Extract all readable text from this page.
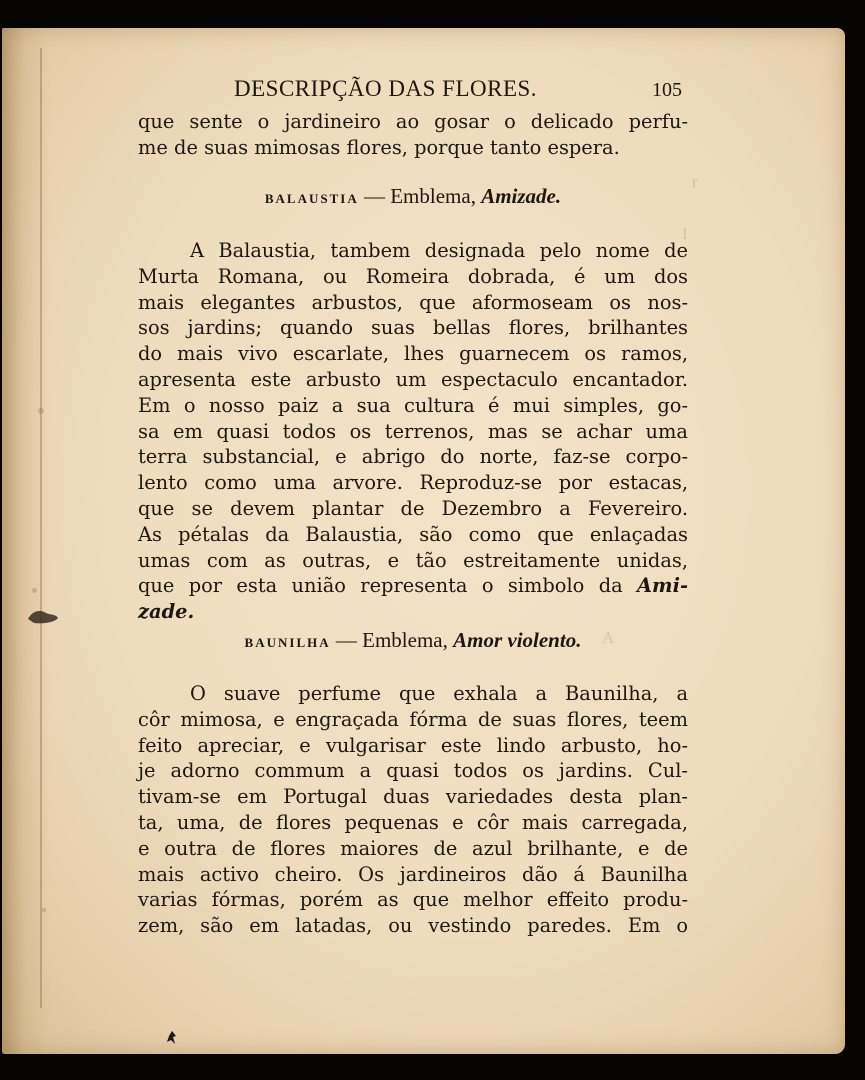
r
I
A
DESCRIPÇÃO DAS FLORES.	105
que sente o jardineiro ao gosar o delicado perfu-
me de suas mimosas flores, porque tanto espera.
BALAUSTIA — Emblema, Amizade.
A Balaustia, tambem designada pelo nome de
Murta Romana, ou Romeira dobrada, é um dos
mais elegantes arbustos, que aformoseam os nos-
sos jardins; quando suas bellas flores, brilhantes
do mais vivo escarlate, lhes guarnecem os ramos,
apresenta este arbusto um espectaculo encantador.
Em o nosso paiz a sua cultura é mui simples, go-
sa em quasi todos os terrenos, mas se achar uma
terra substancial, e abrigo do norte, faz-se corpo-
lento como uma arvore. Reproduz-se por estacas,
que se devem plantar de Dezembro a Fevereiro.
As pétalas da Balaustia, são como que enlaçadas
umas com as outras, e tão estreitamente unidas,
que por esta união representa o simbolo da Ami-
zade.
BAUNILHA — Emblema, Amor violento.
O suave perfume que exhala a Baunilha, a
côr mimosa, e engraçada fórma de suas flores, teem
feito apreciar, e vulgarisar este lindo arbusto, ho-
je adorno commum a quasi todos os jardins. Cul-
tivam-se em Portugal duas variedades desta plan-
ta, uma, de flores pequenas e côr mais carregada,
e outra de flores maiores de azul brilhante, e de
mais activo cheiro. Os jardineiros dão á Baunilha
varias fórmas, porém as que melhor effeito produ-
zem, são em latadas, ou vestindo paredes. Em o
